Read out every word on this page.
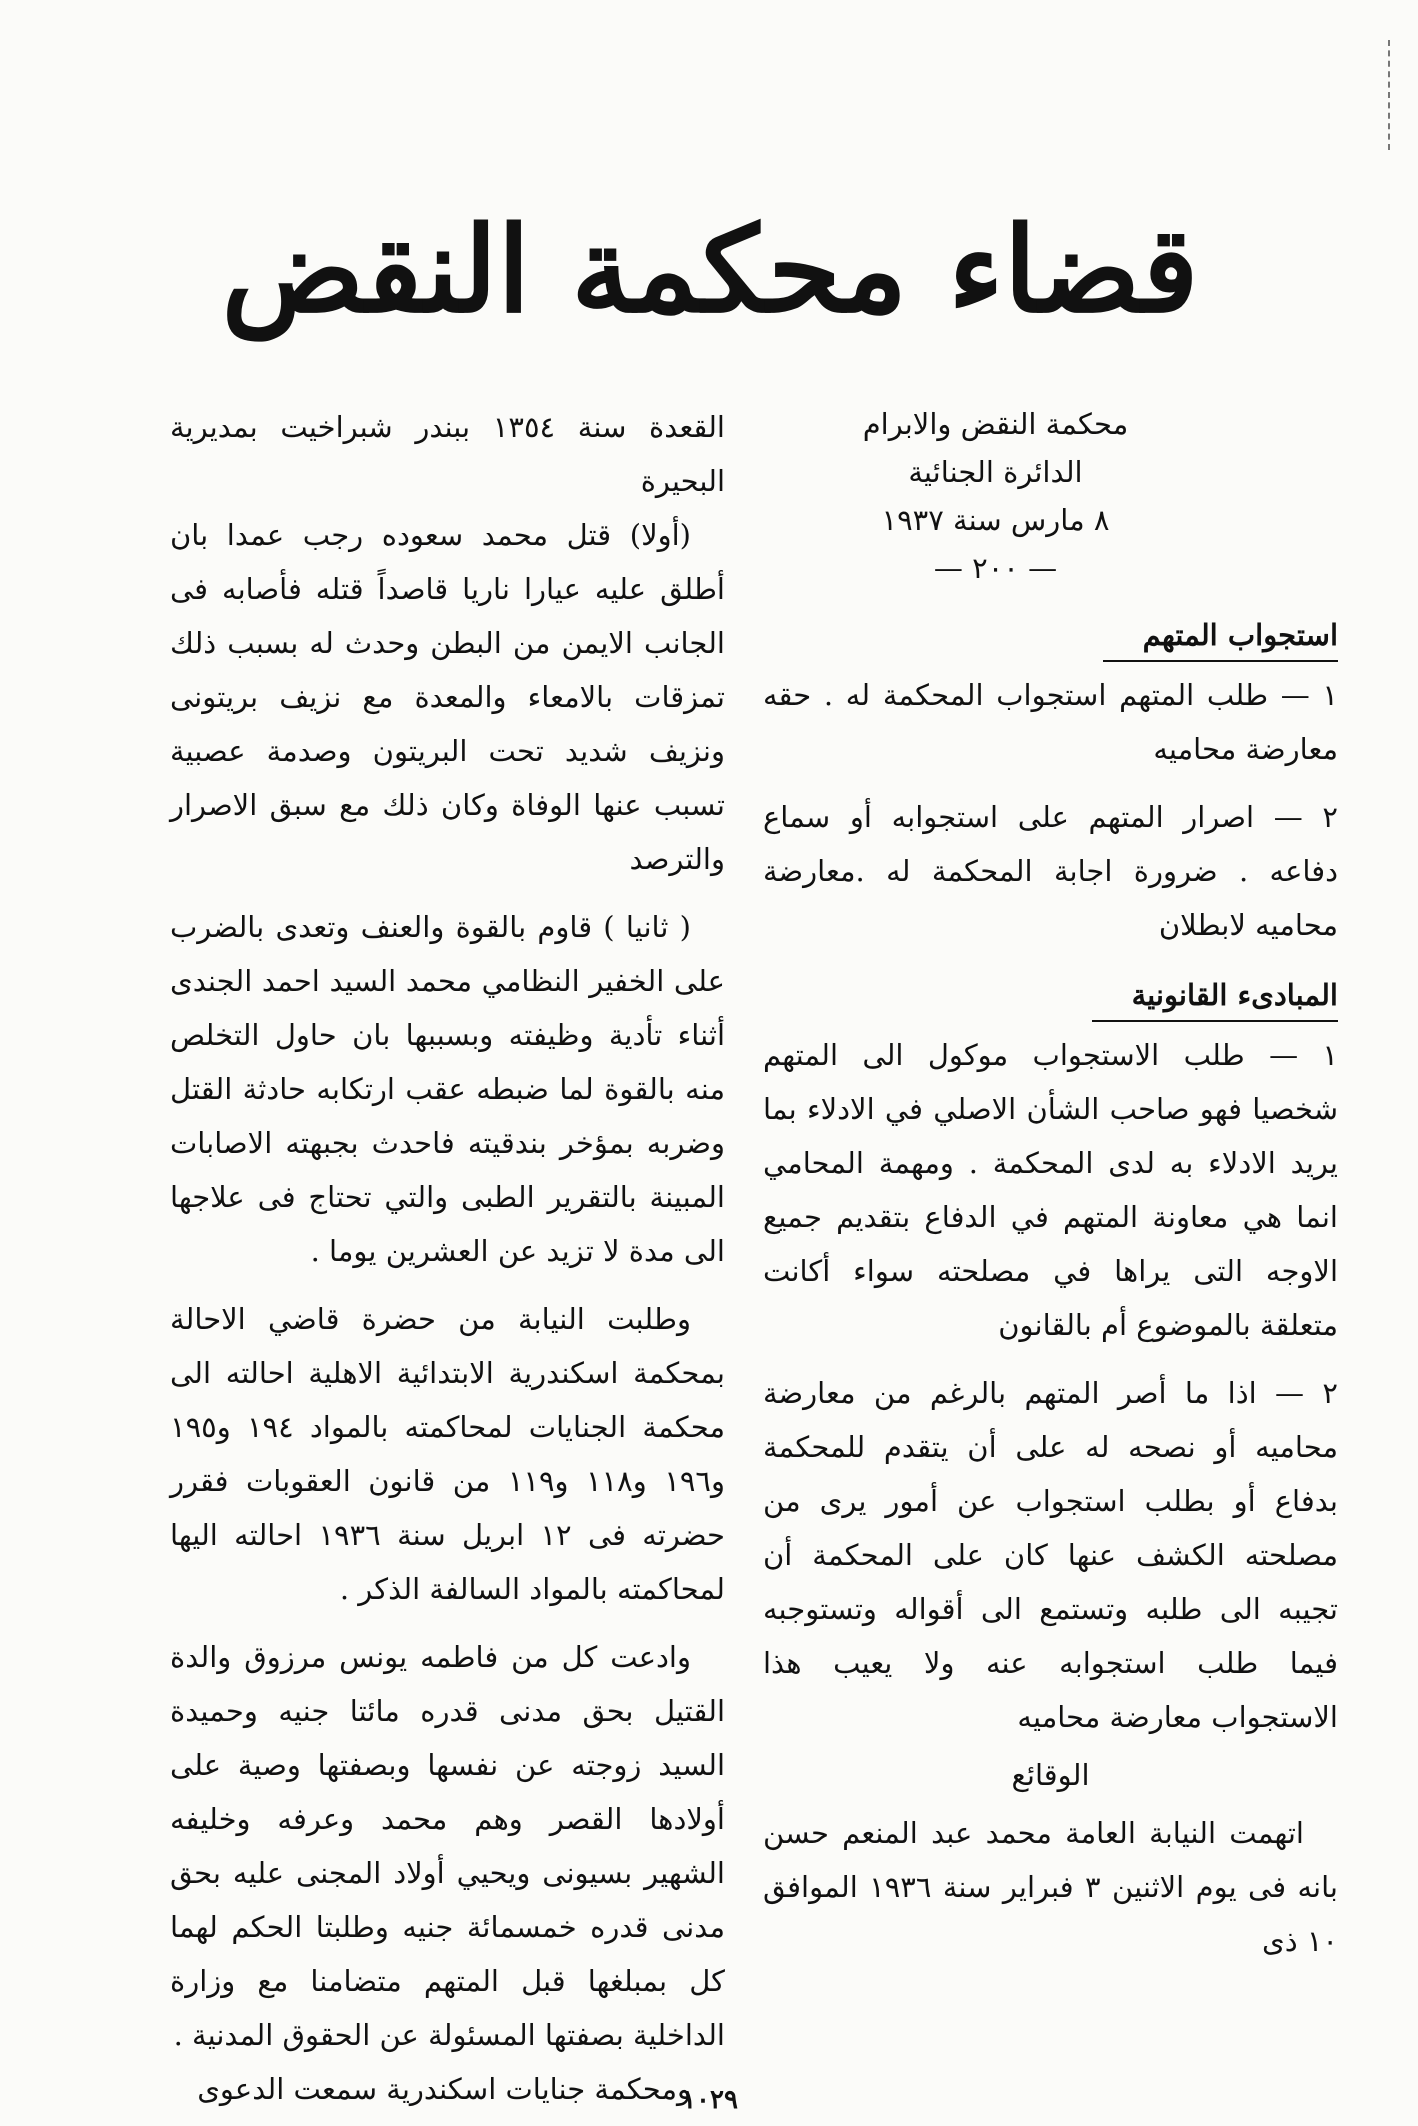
قضاء محكمة النقض
محكمة النقض والابرام
الدائرة الجنائية
٨ مارس سنة ١٩٣٧
— ٢٠٠ —
استجواب المتهم

١ — طلب المتهم استجواب المحكمة له . حقه معارضة محاميه

٢ — اصرار المتهم على استجوابه أو سماع دفاعه . ضرورة اجابة المحكمة له .معارضة محاميه لابطلان

المبادىء القانونية

١ — طلب الاستجواب موكول الى المتهم شخصيا فهو صاحب الشأن الاصلي في الادلاء بما يريد الادلاء به لدى المحكمة . ومهمة المحامي انما هي معاونة المتهم في الدفاع بتقديم جميع الاوجه التى يراها في مصلحته سواء أكانت متعلقة بالموضوع أم بالقانون

٢ — اذا ما أصر المتهم بالرغم من معارضة محاميه أو نصحه له على أن يتقدم للمحكمة بدفاع أو بطلب استجواب عن أمور يرى من مصلحته الكشف عنها كان على المحكمة أن تجيبه الى طلبه وتستمع الى أقواله وتستوجبه فيما طلب استجوابه عنه ولا يعيب هذا الاستجواب معارضة محاميه

الوقائع

اتهمت النيابة العامة محمد عبد المنعم حسن بانه فى يوم الاثنين ٣ فبراير سنة ١٩٣٦ الموافق ١٠ ذى

القعدة سنة ١٣٥٤ ببندر شبراخيت بمديرية البحيرة

(أولا) قتل محمد سعوده رجب عمدا بان أطلق عليه عيارا ناريا قاصداً قتله فأصابه فى الجانب الايمن من البطن وحدث له بسبب ذلك تمزقات بالامعاء والمعدة مع نزيف بريتونى ونزيف شديد تحت البريتون وصدمة عصبية تسبب عنها الوفاة وكان ذلك مع سبق الاصرار والترصد

( ثانيا ) قاوم بالقوة والعنف وتعدى بالضرب على الخفير النظامي محمد السيد احمد الجندى أثناء تأدية وظيفته وبسببها بان حاول التخلص منه بالقوة لما ضبطه عقب ارتكابه حادثة القتل وضربه بمؤخر بندقيته فاحدث بجبهته الاصابات المبينة بالتقرير الطبى والتي تحتاج فى علاجها الى مدة لا تزيد عن العشرين يوما .

وطلبت النيابة من حضرة قاضي الاحالة بمحكمة اسكندرية الابتدائية الاهلية احالته الى محكمة الجنايات لمحاكمته بالمواد ١٩٤ و١٩٥ و١٩٦ و١١٨ و١١٩ من قانون العقوبات فقرر حضرته فى ١٢ ابريل سنة ١٩٣٦ احالته اليها لمحاكمته بالمواد السالفة الذكر .

وادعت كل من فاطمه يونس مرزوق والدة القتيل بحق مدنى قدره مائتا جنيه وحميدة السيد زوجته عن نفسها وبصفتها وصية على أولادها القصر وهم محمد وعرفه وخليفه الشهير بسيونى ويحيي أولاد المجنى عليه بحق مدنى قدره خمسمائة جنيه وطلبتا الحكم لهما كل بمبلغها قبل المتهم متضامنا مع وزارة الداخلية بصفتها المسئولة عن الحقوق المدنية .

ومحكمة جنايات اسكندرية سمعت الدعوى

١٠٢٩
